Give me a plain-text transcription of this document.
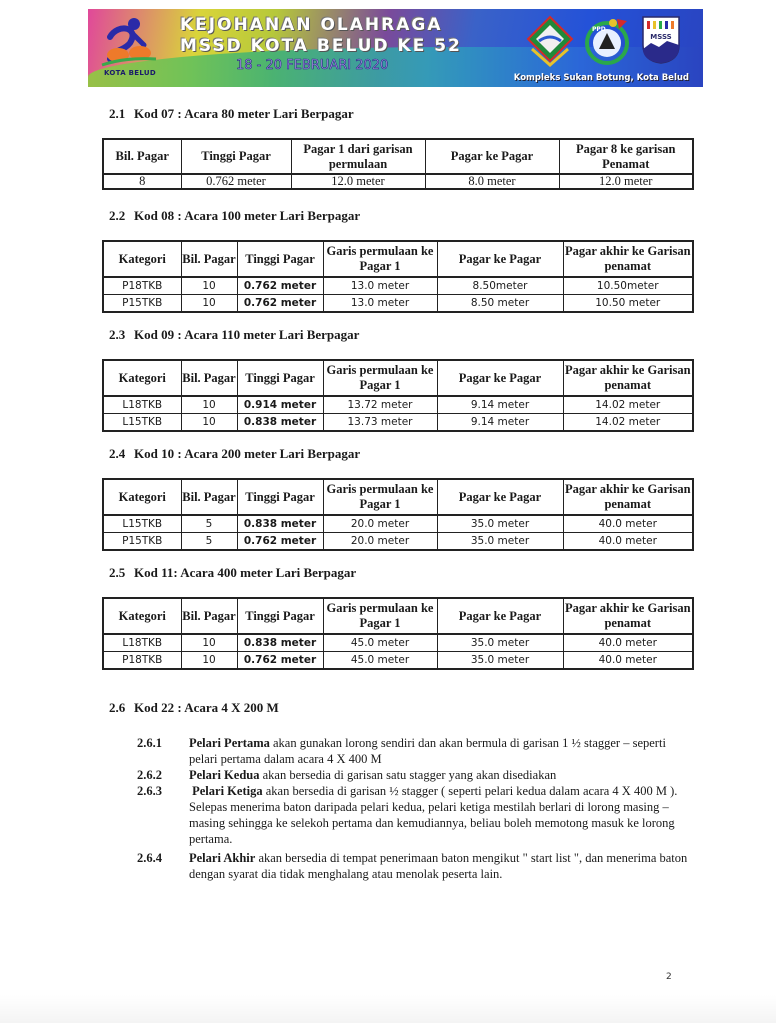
KOTA BELUD
KEJOHANAN OLAHRAGA
MSSD KOTA BELUD KE 52
18 - 20 FEBRUARI 2020
PPD
MSSS
Kompleks Sukan Botung, Kota Belud
2.1 Kod 07 : Acara 80 meter Lari Berpagar
Bil. Pagar	Tinggi Pagar	Pagar 1 dari garisan permulaan	Pagar ke Pagar	Pagar 8 ke garisan Penamat
8	0.762 meter	12.0 meter	8.0 meter	12.0 meter
2.2 Kod 08 : Acara 100 meter Lari Berpagar
Kategori	Bil. Pagar	Tinggi Pagar	Garis permulaan ke Pagar 1	Pagar ke Pagar	Pagar akhir ke Garisan penamat
P18TKB	10	0.762 meter	13.0 meter	8.50meter	10.50meter
P15TKB	10	0.762 meter	13.0 meter	8.50 meter	10.50 meter
2.3 Kod 09 : Acara 110 meter Lari Berpagar
Kategori	Bil. Pagar	Tinggi Pagar	Garis permulaan ke Pagar 1	Pagar ke Pagar	Pagar akhir ke Garisan penamat
L18TKB	10	0.914 meter	13.72 meter	9.14 meter	14.02 meter
L15TKB	10	0.838 meter	13.73 meter	9.14 meter	14.02 meter
2.4 Kod 10 : Acara 200 meter Lari Berpagar
Kategori	Bil. Pagar	Tinggi Pagar	Garis permulaan ke Pagar 1	Pagar ke Pagar	Pagar akhir ke Garisan penamat
L15TKB	5	0.838 meter	20.0 meter	35.0 meter	40.0 meter
P15TKB	5	0.762 meter	20.0 meter	35.0 meter	40.0 meter
2.5 Kod 11: Acara 400 meter Lari Berpagar
Kategori	Bil. Pagar	Tinggi Pagar	Garis permulaan ke Pagar 1	Pagar ke Pagar	Pagar akhir ke Garisan penamat
L18TKB	10	0.838 meter	45.0 meter	35.0 meter	40.0 meter
P18TKB	10	0.762 meter	45.0 meter	35.0 meter	40.0 meter
2.6 Kod 22 : Acara 4 X 200 M
2.6.1	Pelari Pertama akan gunakan lorong sendiri dan akan bermula di garisan 1 ½ stagger – seperti pelari pertama dalam acara 4 X 400 M
2.6.2	Pelari Kedua akan bersedia di garisan satu stagger yang akan disediakan
2.6.3	Pelari Ketiga akan bersedia di garisan ½ stagger ( seperti pelari kedua dalam acara 4 X 400 M ). Selepas menerima baton daripada pelari kedua, pelari ketiga mestilah berlari di lorong masing – masing sehingga ke selekoh pertama dan kemudiannya, beliau boleh memotong masuk ke lorong pertama.
2.6.4	Pelari Akhir akan bersedia di tempat penerimaan baton mengikut " start list ", dan menerima baton dengan syarat dia tidak menghalang atau menolak peserta lain.
2
